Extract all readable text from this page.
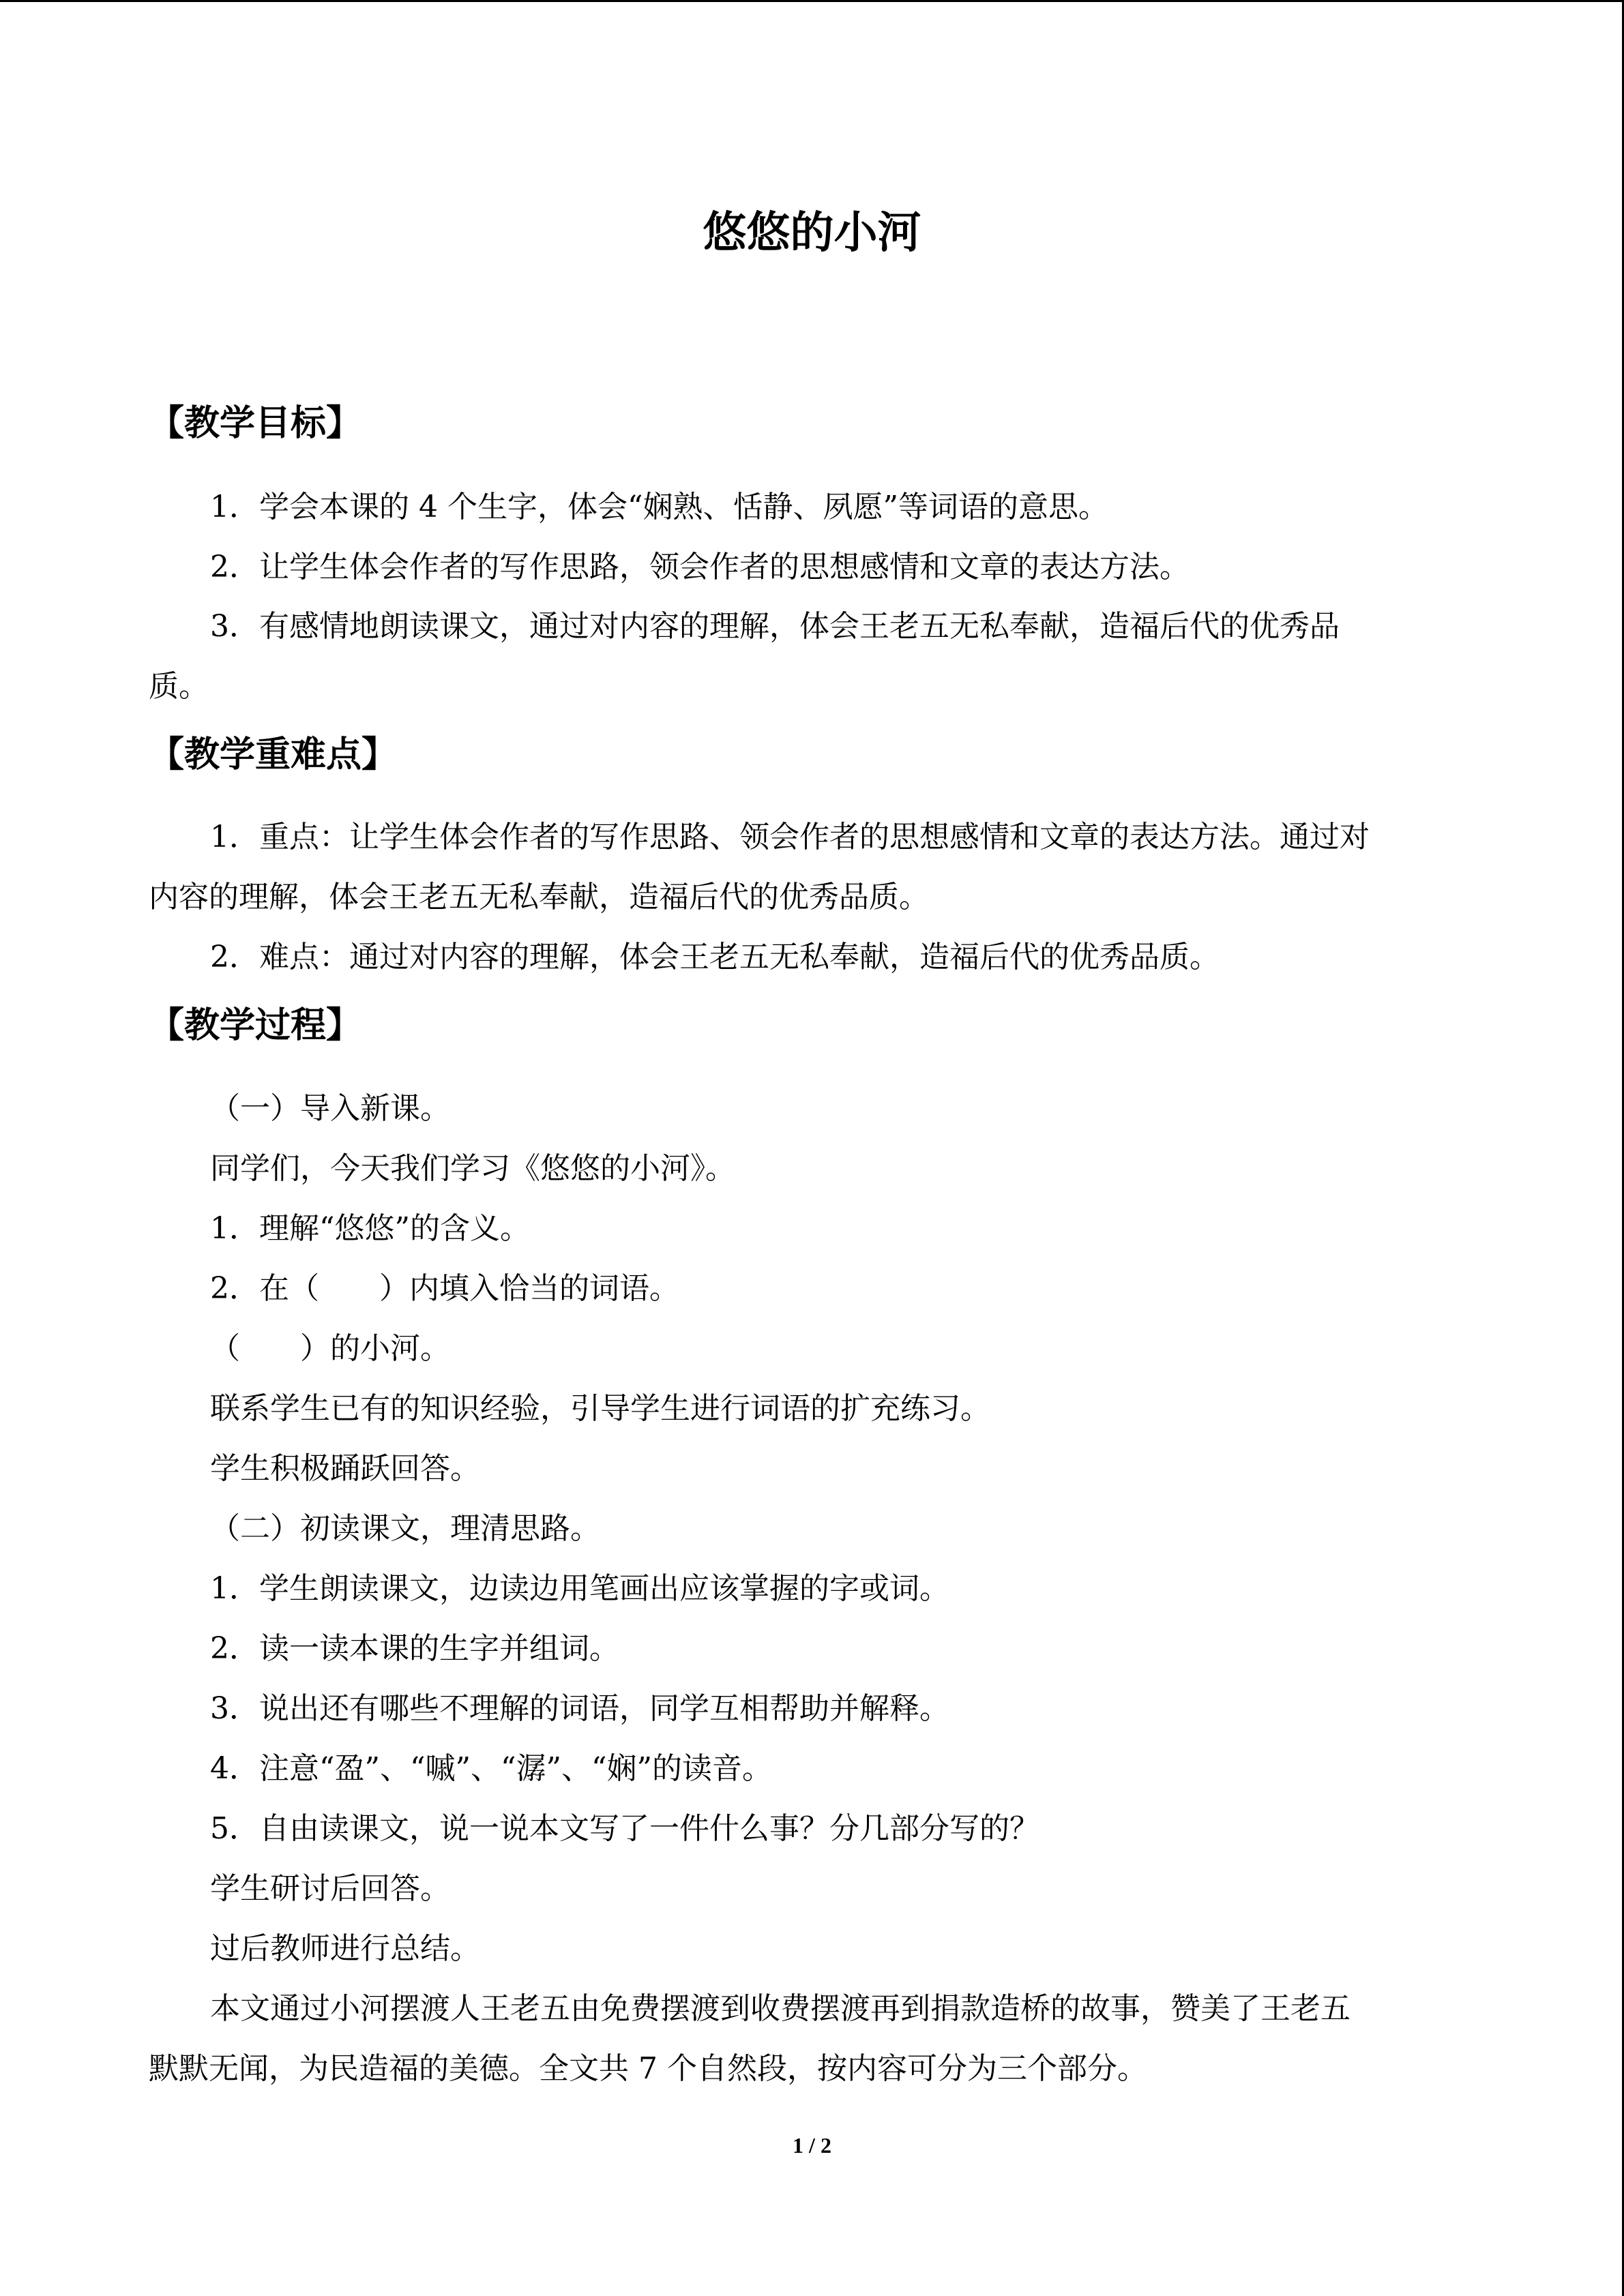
悠悠的小河
【教学目标】
1．学会本课的 4 个生字，体会“娴熟、恬静、夙愿”等词语的意思。
2．让学生体会作者的写作思路，领会作者的思想感情和文章的表达方法。
3．有感情地朗读课文，通过对内容的理解，体会王老五无私奉献，造福后代的优秀品
质。
【教学重难点】
1．重点：让学生体会作者的写作思路、领会作者的思想感情和文章的表达方法。通过对
内容的理解，体会王老五无私奉献，造福后代的优秀品质。
2．难点：通过对内容的理解，体会王老五无私奉献，造福后代的优秀品质。
【教学过程】
（一）导入新课。
同学们，今天我们学习《悠悠的小河》。
1．理解“悠悠”的含义。
2．在（　　）内填入恰当的词语。
（　　）的小河。
联系学生已有的知识经验，引导学生进行词语的扩充练习。
学生积极踊跃回答。
（二）初读课文，理清思路。
1．学生朗读课文，边读边用笔画出应该掌握的字或词。
2．读一读本课的生字并组词。
3．说出还有哪些不理解的词语，同学互相帮助并解释。
4．注意“盈”、“嘁”、“潺”、“娴”的读音。
5．自由读课文，说一说本文写了一件什么事？分几部分写的？
学生研讨后回答。
过后教师进行总结。
本文通过小河摆渡人王老五由免费摆渡到收费摆渡再到捐款造桥的故事，赞美了王老五
默默无闻，为民造福的美德。全文共 7 个自然段，按内容可分为三个部分。
1 / 2
